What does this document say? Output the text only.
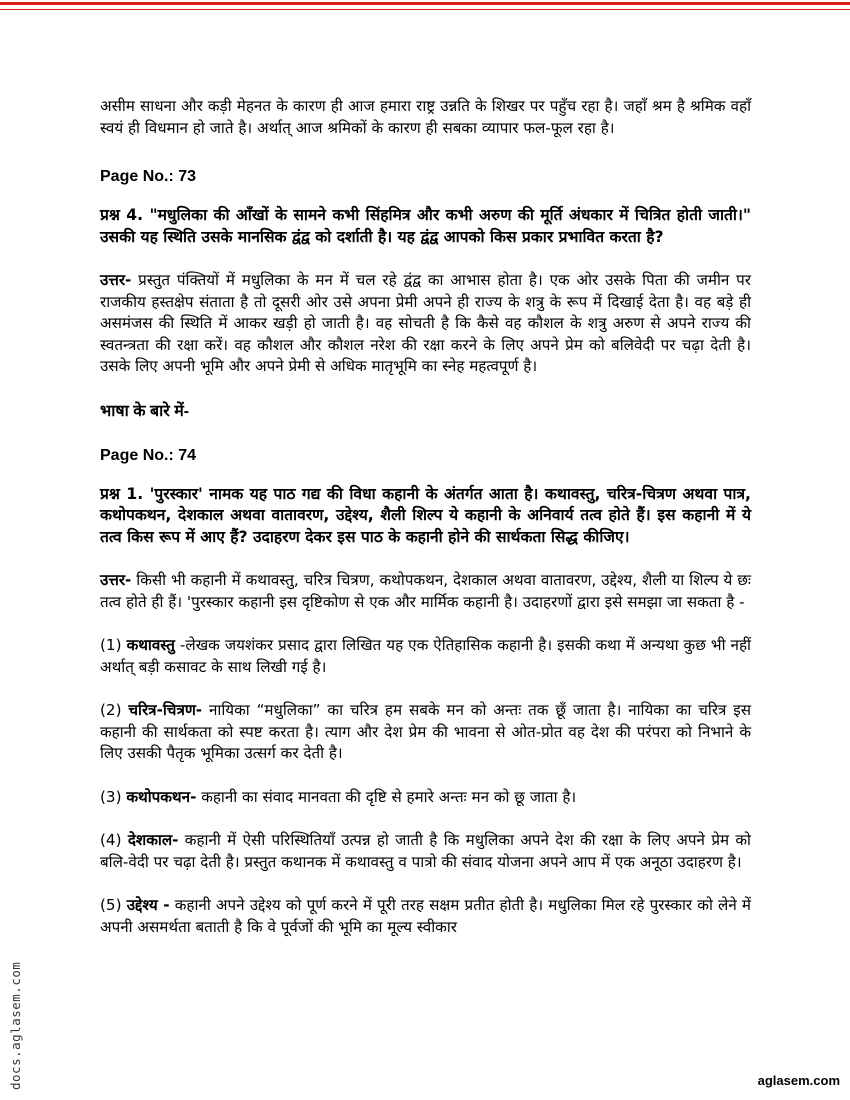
असीम साधना और कड़ी मेहनत के कारण ही आज हमारा राष्ट्र उन्नति के शिखर पर पहुँच रहा है। जहाँ श्रम है श्रमिक वहाँ स्वयं ही विधमान हो जाते है। अर्थात् आज श्रमिकों के कारण ही सबका व्यापार फल-फूल रहा है।

Page No.: 73

प्रश्न 4. "मधुलिका की आँखों के सामने कभी सिंहमित्र और कभी अरुण की मूर्ति अंधकार में चित्रित होती जाती।" उसकी यह स्थिति उसके मानसिक द्वंद्व को दर्शाती है। यह द्वंद्व आपको किस प्रकार प्रभावित करता है?

उत्तर- प्रस्तुत पंक्तियों में मधुलिका के मन में चल रहे द्वंद्व का आभास होता है। एक ओर उसके पिता की जमीन पर राजकीय हस्तक्षेप संताता है तो दूसरी ओर उसे अपना प्रेमी अपने ही राज्य के शत्रु के रूप में दिखाई देता है। वह बड़े ही असमंजस की स्थिति में आकर खड़ी हो जाती है। वह सोचती है कि कैसे वह कौशल के शत्रु अरुण से अपने राज्य की स्वतन्त्रता की रक्षा करें। वह कौशल और कौशल नरेश की रक्षा करने के लिए अपने प्रेम को बलिवेदी पर चढ़ा देती है। उसके लिए अपनी भूमि और अपने प्रेमी से अधिक मातृभूमि का स्नेह महत्वपूर्ण है।

भाषा के बारे में-
Page No.: 74

प्रश्न 1. 'पुरस्कार' नामक यह पाठ गद्य की विधा कहानी के अंतर्गत आता है। कथावस्तु, चरित्र-चित्रण अथवा पात्र, कथोपकथन, देशकाल अथवा वातावरण, उद्देश्य, शैली शिल्प ये कहानी के अनिवार्य तत्व होते हैं। इस कहानी में ये तत्व किस रूप में आए हैं? उदाहरण देकर इस पाठ के कहानी होने की सार्थकता सिद्ध कीजिए।

उत्तर- किसी भी कहानी में कथावस्तु, चरित्र चित्रण, कथोपकथन, देशकाल अथवा वातावरण, उद्देश्य, शैली या शिल्प ये छः तत्व होते ही हैं। 'पुरस्कार कहानी इस दृष्टिकोण से एक और मार्मिक कहानी है। उदाहरणों द्वारा इसे समझा जा सकता है -

(1) कथावस्तु -लेखक जयशंकर प्रसाद द्वारा लिखित यह एक ऐतिहासिक कहानी है। इसकी कथा में अन्यथा कुछ भी नहीं अर्थात् बड़ी कसावट के साथ लिखी गई है।

(2) चरित्र-चित्रण- नायिका “मधुलिका” का चरित्र हम सबके मन को अन्तः तक छूँ जाता है। नायिका का चरित्र इस कहानी की सार्थकता को स्पष्ट करता है। त्याग और देश प्रेम की भावना से ओत-प्रोत वह देश की परंपरा को निभाने के लिए उसकी पैतृक भूमिका उत्सर्ग कर देती है।

(3) कथोपकथन- कहानी का संवाद मानवता की दृष्टि से हमारे अन्तः मन को छू जाता है।

(4) देशकाल- कहानी में ऐसी परिस्थितियाँ उत्पन्न हो जाती है कि मधुलिका अपने देश की रक्षा के लिए अपने प्रेम को बलि-वेदी पर चढ़ा देती है। प्रस्तुत कथानक में कथावस्तु व पात्रो की संवाद योजना अपने आप में एक अनूठा उदाहरण है।

(5) उद्देश्य - कहानी अपने उद्देश्य को पूर्ण करने में पूरी तरह सक्षम प्रतीत होती है। मधुलिका मिल रहे पुरस्कार को लेने में अपनी असमर्थता बताती है कि वे पूर्वजों की भूमि का मूल्य स्वीकार

docs.aglasem.com	aglasem.com
